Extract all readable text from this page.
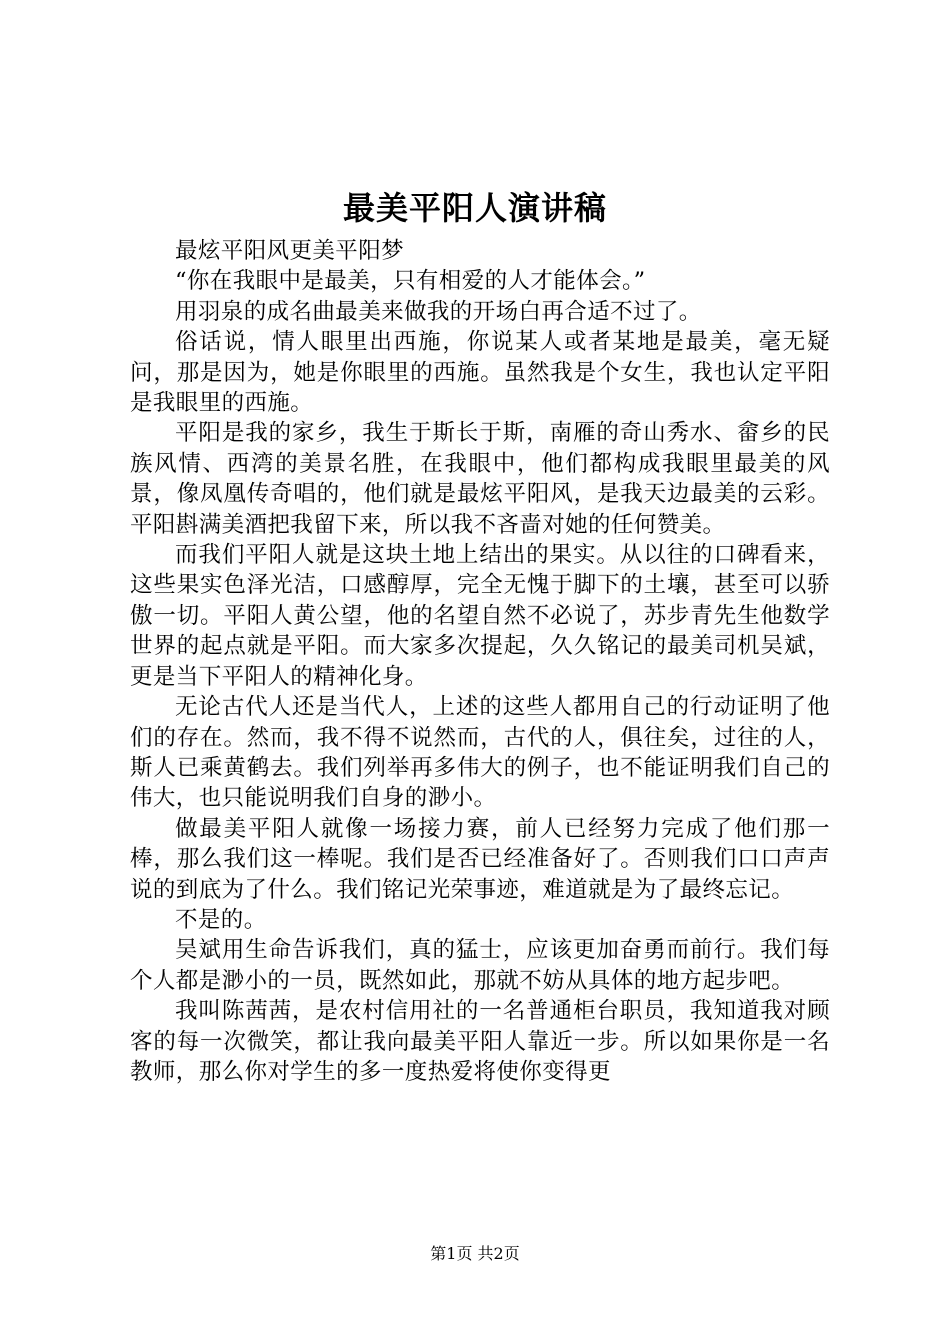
最美平阳人演讲稿

最炫平阳风更美平阳梦

“你在我眼中是最美，只有相爱的人才能体会。”

用羽泉的成名曲最美来做我的开场白再合适不过了。

俗话说，情人眼里出西施，你说某人或者某地是最美，毫无疑问，那是因为，她是你眼里的西施。虽然我是个女生，我也认定平阳是我眼里的西施。

平阳是我的家乡，我生于斯长于斯，南雁的奇山秀水、畲乡的民族风情、西湾的美景名胜，在我眼中，他们都构成我眼里最美的风景，像凤凰传奇唱的，他们就是最炫平阳风，是我天边最美的云彩。平阳斟满美酒把我留下来，所以我不吝啬对她的任何赞美。

而我们平阳人就是这块土地上结出的果实。从以往的口碑看来，这些果实色泽光洁，口感醇厚，完全无愧于脚下的土壤，甚至可以骄傲一切。平阳人黄公望，他的名望自然不必说了，苏步青先生他数学世界的起点就是平阳。而大家多次提起，久久铭记的最美司机吴斌，更是当下平阳人的精神化身。

无论古代人还是当代人，上述的这些人都用自己的行动证明了他们的存在。然而，我不得不说然而，古代的人，俱往矣，过往的人，斯人已乘黄鹤去。我们列举再多伟大的例子，也不能证明我们自己的伟大，也只能说明我们自身的渺小。

做最美平阳人就像一场接力赛，前人已经努力完成了他们那一棒，那么我们这一棒呢。我们是否已经准备好了。否则我们口口声声说的到底为了什么。我们铭记光荣事迹，难道就是为了最终忘记。

不是的。

吴斌用生命告诉我们，真的猛士，应该更加奋勇而前行。我们每个人都是渺小的一员，既然如此，那就不妨从具体的地方起步吧。

我叫陈茜茜，是农村信用社的一名普通柜台职员，我知道我对顾客的每一次微笑，都让我向最美平阳人靠近一步。所以如果你是一名教师，那么你对学生的多一度热爱将使你变得更

第1页 共2页
